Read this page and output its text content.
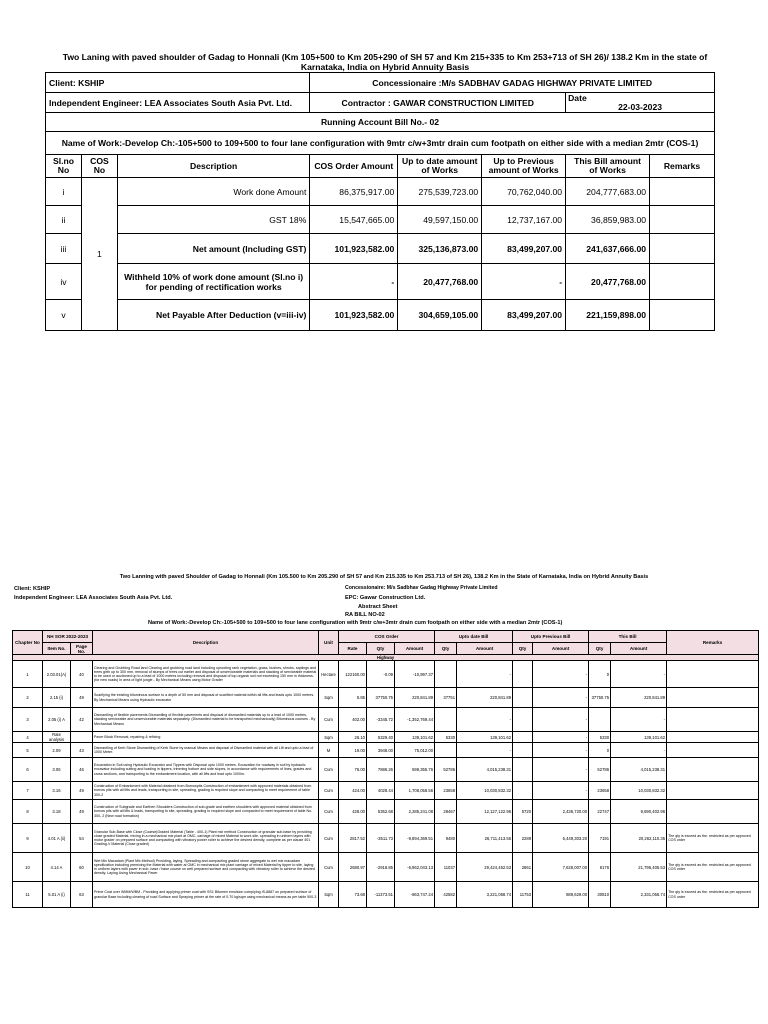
Two Laning with paved shoulder of Gadag to Honnali (Km 105+500 to Km 205+290 of SH 57 and Km 215+335 to Km 253+713 of SH 26)/ 138.2 Km in the state of Karnataka, India on Hybrid Annuity Basis
Client: KSHIP			Concessionaire :M/s SADBHAV GADAG HIGHWAY PRIVATE LIMITED				
Independent Engineer: LEA Associates South Asia Pvt. Ltd.			Contractor : GAWAR CONSTRUCTION LIMITED			Date
22-03-2023	

Running Account Bill No.- 02							
Name of Work:-Develop Ch:-105+500 to 109+500 to four lane configuration with 9mtr c/w+3mtr drain cum footpath on either side with a median 2mtr (COS-1)							
Sl.no No	COS No	Description	COS Order Amount	Up to date amount of Works	Up to Previous amount of Works	This Bill amount of Works	Remarks
i	1	Work done Amount	86,375,917.00	275,539,723.00	70,762,040.00	204,777,683.00	
ii		GST 18%	15,547,665.00	49,597,150.00	12,737,167.00	36,859,983.00	
iii		Net amount (Including GST)	101,923,582.00	325,136,873.00	83,499,207.00	241,637,666.00	
iv		Withheld 10% of work done amount (Sl.no i) for pending of rectification works	-	20,477,768.00	-	20,477,768.00	
v		Net Payable After Deduction (v=iii-iv)	101,923,582.00	304,659,105.00	83,499,207.00	221,159,898.00	
Two Lanning with paved Shoulder of Gadag to Honnali (Km 105.500 to Km 205.290 of SH 57 and Km 215.335 to Km 253.713 of SH 26), 138.2 Km in the State of Karnataka, India on Hybrid Annuity Basis
Client: KSHIP	Concessionaire: M/s Sadbhav Gadag Highway Private Limited
Independent Engineer: LEA Associates South Asia Pvt. Ltd.	EPC: Gawar Construction Ltd.
Abstract Sheet
RA BILL NO-02
Name of Work:-Develop Ch:-105+500 to 109+500 to four lane configuration with 9mtr c/w+3mtr drain cum footpath on either side with a median 2mtr (COS-1)
Chapter No	NH SOR 2022-2023		Description	Unit	COS Order			Upto date Bill		Upto Previous Bill		This Bill		Remarks
	Item No.	Page No.			Rate	Qty	Amount	Qty	Amount	Qty	Amount	Qty	Amount	
Highway														
1	2.03.01(A)	40	Clearing and Grubbing Road land Clearing and grubbing road land including uprooting rank vegetation, grass, bushes, shrubs, saplings and trees girth up to 300 mm, removal of stumps of trees cut earlier and disposal of unserviceable materials and stacking of serviceable material to be used or auctioned up to a lead of 1000 metres including removal and disposal of top organic soil not exceeding 150 mm in thickness. (for new roads) In area of light jungle - By Mechanical Means using Motor Grader	Hectare	122160.00	-0.09	-10,997.37		-		-	0	-	
2	2.15 (i)	49	Scarifying the existing bituminous surface to a depth of 50 mm and disposal of scarified material within all lifts and leads upto 1000 metres. By Mechanical Means using Hydraulic excavator	Sqm	5.85	37750.75	220,841.89	37751	220,841.89		-	37750.75	220,841.89	
3	2.05 (i) A	42	Dismantling of flexible pavements Dismantling of flexible pavements and disposal of dismantled materials up to a lead of 1000 metres, stacking serviceable and unserviceable materials separately. (Dismantled material to be transported mechanically) Bituminous courses - By Mechanical Means	Cum	402.00	-3345.72	-1,352,769.44		-		-		-	
4	Rate analysis		Paver Block Removal, repairing & refixing	Sqm	26.10	5329.40	139,101.62	5330	139,101.62		-	5330	139,101.62	
5	2.09	43	Dismantling of Kerb Stone Dismantling of Kerb Stone by manual Means and disposal of Dismantled material with all Lift and upto a lead of 1000 Meter.	M	19.00	3948.00	75,012.00		-		-	0	-	
6	3.06	46	Excavation in Soil using Hydraulic Excavator and Tippers with Disposal upto 1000 metres. Excavation for roadway in soil by hydraulic excavator including cutting and loading in tippers, trimming bottom and side slopes, in accordance with requirements of lines, grades and cross sections, and transporting to the embankment location, with all lifts and lead upto 1000m.	Cum	76.00	7886.26	599,355.76	52786	4,015,238.31		-	52786	4,015,238.31	
7	3.16	49	Construction of Embankment with Material obtained from Borrowpits Construction of embankment with approved materials obtained from borrow pits with all lifts and leads, transporting to site, spreading, grading to required slope and compacting to meet requirement of table 300-2	Cum	424.00	4028.44	1,708,058.56	23658	10,030,832.32		-	23658	10,030,832.32	
8	3.18	49	Construction of Subgrade and Earthen Shoulders Construction of sub-grade and earthen shoulders with approved material obtained from borrow pits with all lifts & leads, transporting to site, spreading, grading to required slope and compacted to meet requirement of table No. 300- 2 (New road formation)	Cum	428.00	5352.68	2,285,241.08	28467	12,127,122.96	5720	2,436,720.00	22747	9,690,402.96	
9	4.01 A (ii)	54	Granular Sub-Base with Close (Coarse)Graded Material (Table - 400-1) Plant mix method Construction of granular sub-base by providing close graded Material, mixing in a mechanical mix plant at OMC, carriage of mixed Material to work site, spreading in uniform layers with motor grader on prepared surface and compacting with vibratory power roller to achieve the desired density, complete as per clause 401 Grading-V Material (Close graded)	Cum	2817.52	-3511.73	-9,894,369.51	9480	26,711,413.55	2289	6,449,303.20	7191	20,262,110.35	The qty is exceed as the. restricted as per approved COS order
10	4.14 A	60	Wet Mix Macadam (Plant Mix Method) Providing, laying, Spreading and compacting graded stone aggregate to wet mix macadam specification including premixing the Material with water at OMC in mechanical mix plant carriage of mixed Material by tipper to site, laying in uniform layers with paver in sub- base / base course on well prepared surface and compacting with vibratory roller to achieve the desired density. Laying Using Mechanical Paver	Cum	2680.97	-2918.85	-6,962,043.13	11037	29,424,452.53	2861	7,628,007.00	8176	21,796,405.53	The qty is exceed as the. restricted as per approved COS order
11	5.01 A (i)	63	Prime Coat over WMM/WBM - Providing and applying primer coat with SS1 Bitumen emulsion complying IS-8887 on prepared surface of granular Base including clearing of road Surface and Spraying primer at the rate of 0.70 kg/sqm using mechanical means as per table 500-3	Sqm	73.68	-11373.51	-863,747.24	42582	3,221,058.74	11753	889,629.00	30810	2,331,056.74	The qty is exceed as the. restricted as per approved COS order
